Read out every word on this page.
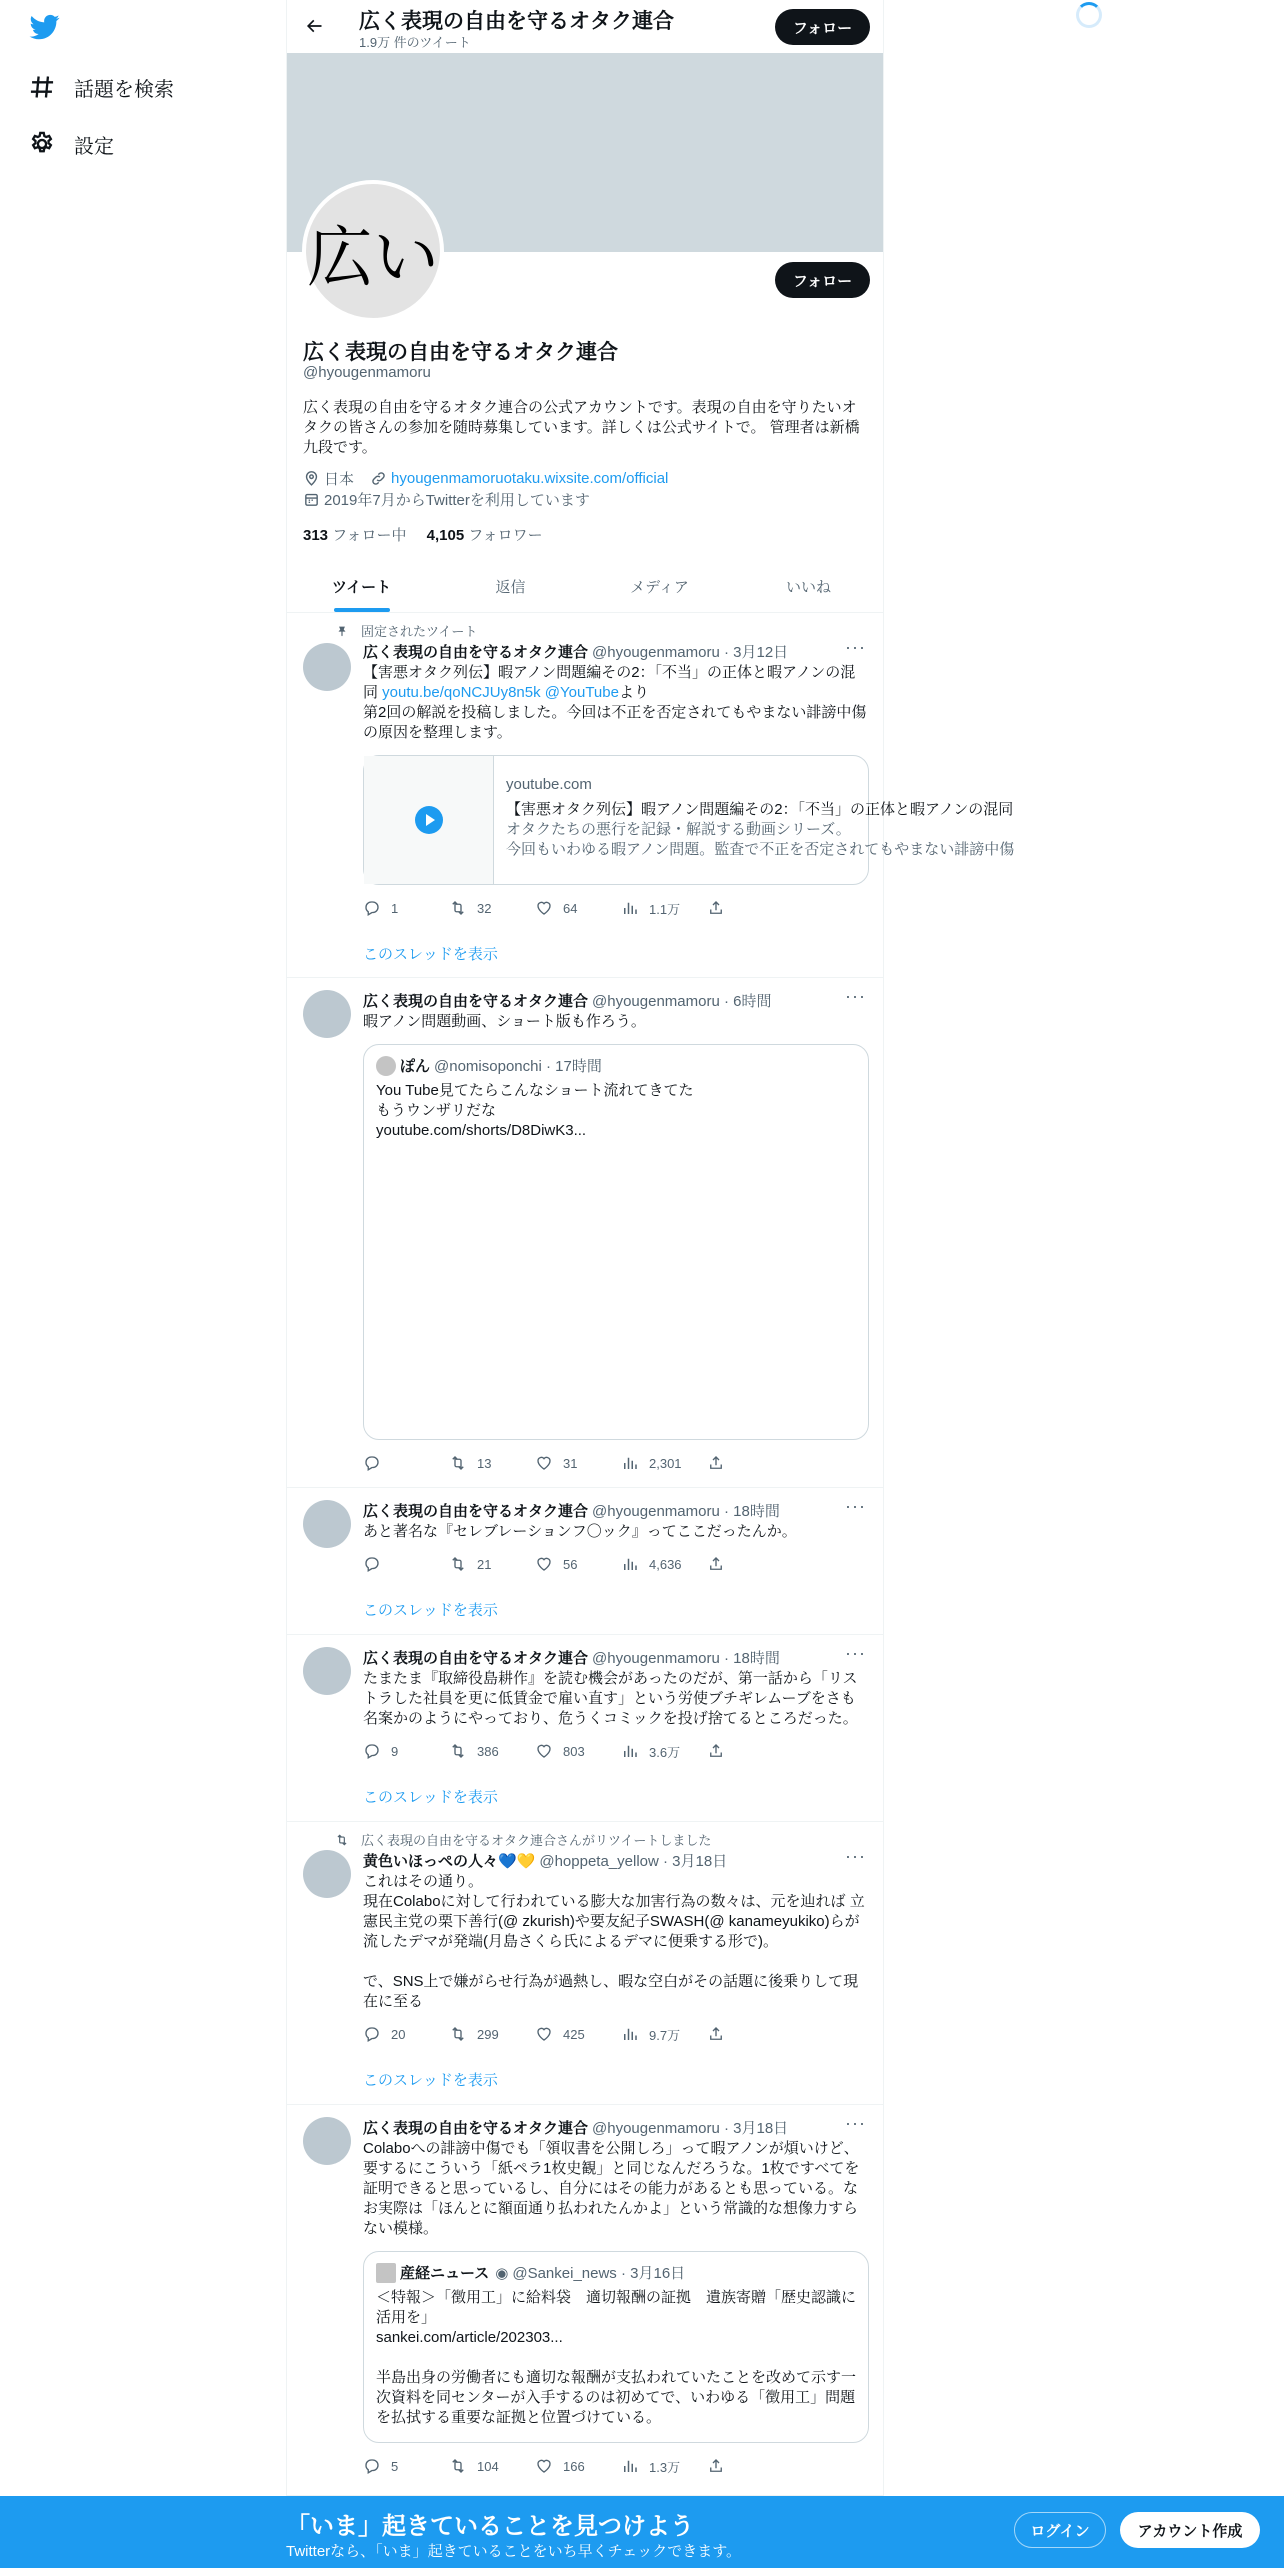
話題を検索
設定
広く表現の自由を守るオタク連合
1.9万 件のツイート
フォロー
広い	フォロー
広く表現の自由を守るオタク連合
@hyougenmamoru
広く表現の自由を守るオタク連合の公式アカウントです。表現の自由を守りたいオタクの皆さんの参加を随時募集しています。詳しくは公式サイトで。 管理者は新橋九段です。
日本 hyougenmamoruotaku.wixsite.com/official
2019年7月からTwitterを利用しています
313 フォロー中 4,105 フォロワー
ツイート	返信	メディア	いいね
固定されたツイート
広く表現の自由を守るオタク連合 @hyougenmamoru · 3月12日	···
【害悪オタク列伝】暇アノン問題編その2：「不当」の正体と暇アノンの混同 youtu.be/qoNCJUy8n5k @YouTubeより
第2回の解説を投稿しました。今回は不正を否定されてもやまない誹謗中傷の原因を整理します。
youtube.com
【害悪オタク列伝】暇アノン問題編その2：「不当」の正体と暇アノンの混同
オタクたちの悪行を記録・解説する動画シリーズ。
今回もいわゆる暇アノン問題。監査で不正を否定されてもやまない誹謗中傷
1	32	64	1.1万
このスレッドを表示
広く表現の自由を守るオタク連合 @hyougenmamoru · 6時間	···
暇アノン問題動画、ショート版も作ろう。
ぽん @nomisoponchi · 17時間
You Tube見てたらこんなショート流れてきてた
もうウンザリだな
youtube.com/shorts/D8DiwK3...
13	31	2,301
広く表現の自由を守るオタク連合 @hyougenmamoru · 18時間	···
あと著名な『セレブレーションフ〇ック』ってここだったんか。
21	56	4,636
このスレッドを表示
広く表現の自由を守るオタク連合 @hyougenmamoru · 18時間	···
たまたま『取締役島耕作』を読む機会があったのだが、第一話から「リストラした社員を更に低賃金で雇い直す」という労使ブチギレムーブをさも名案かのようにやっており、危うくコミックを投げ捨てるところだった。
9	386	803	3.6万
このスレッドを表示
広く表現の自由を守るオタク連合さんがリツイートしました
黄色いほっぺの人々💙💛 @hoppeta_yellow · 3月18日	···
これはその通り。
現在Colaboに対して行われている膨大な加害行為の数々は、元を辿れば 立憲民主党の栗下善行(@ zkurish)や要友紀子SWASH(@ kanameyukiko)らが流したデマが発端(月島さくら氏によるデマに便乗する形で)。

で、SNS上で嫌がらせ行為が過熱し、暇な空白がその話題に後乗りして現在に至る
20	299	425	9.7万
このスレッドを表示
広く表現の自由を守るオタク連合 @hyougenmamoru · 3月18日	···
Colaboへの誹謗中傷でも「領収書を公開しろ」って暇アノンが煩いけど、要するにこういう「紙ペラ1枚史観」と同じなんだろうな。1枚ですべてを証明できると思っているし、自分にはその能力があるとも思っている。なお実際は「ほんとに額面通り払われたんかよ」という常識的な想像力すらない模様。
産経ニュース ◉ @Sankei_news · 3月16日
＜特報＞「徴用工」に給料袋　適切報酬の証拠　遺族寄贈「歴史認識に活用を」
sankei.com/article/202303...

半島出身の労働者にも適切な報酬が支払われていたことを改めて示す一次資料を同センターが入手するのは初めてで、いわゆる「徴用工」問題を払拭する重要な証拠と位置づけている。
5	104	166	1.3万
「いま」起きていることを見つけよう
Twitterなら、「いま」起きていることをいち早くチェックできます。
ログイン	アカウント作成
